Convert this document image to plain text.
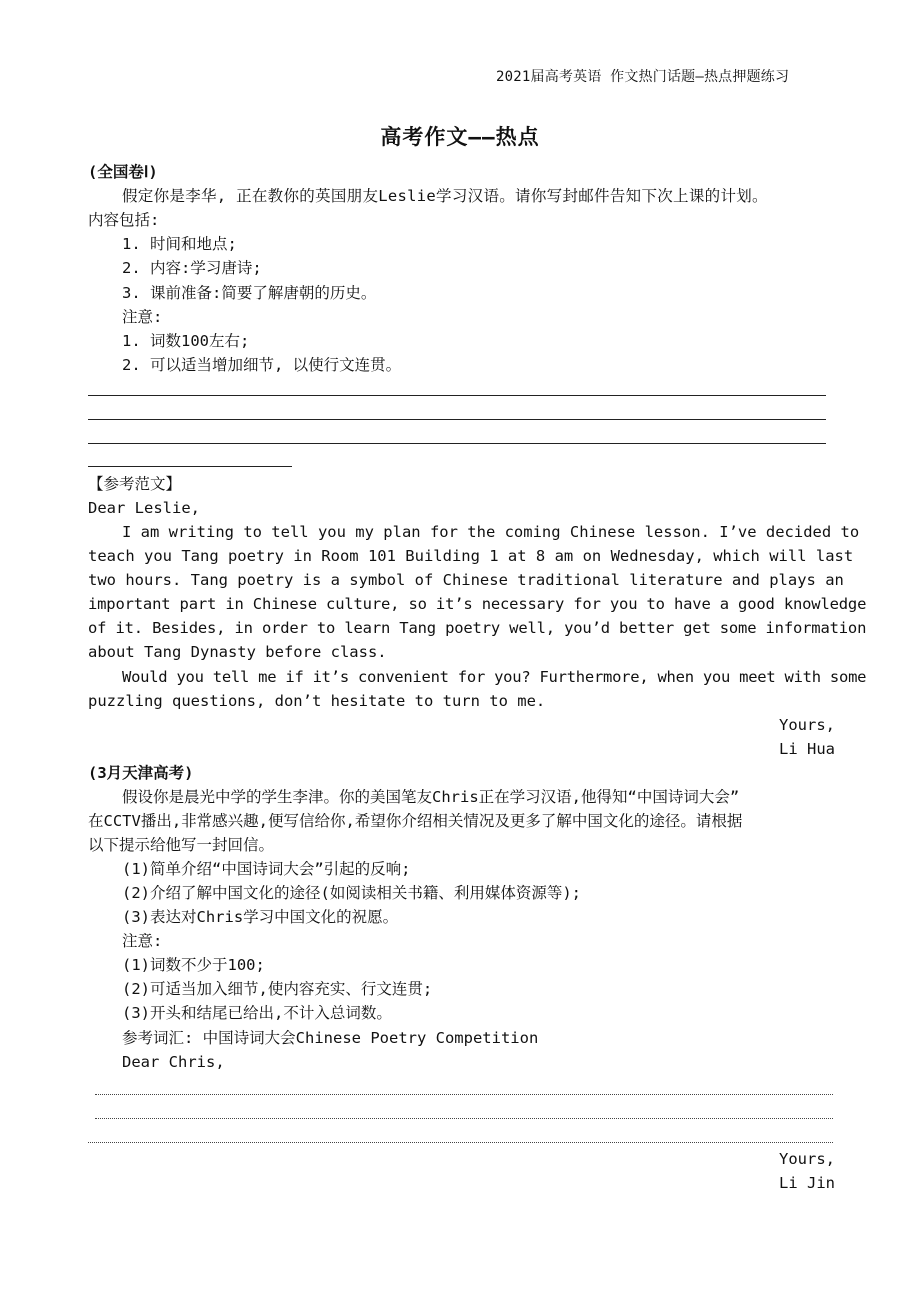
2021届高考英语 作文热门话题—热点押题练习
高考作文——热点
(全国卷Ⅰ)
假定你是李华, 正在教你的英国朋友Leslie学习汉语。请你写封邮件告知下次上课的计划。
内容包括:
1. 时间和地点;
2. 内容:学习唐诗;
3. 课前准备:简要了解唐朝的历史。
注意:
1. 词数100左右;
2. 可以适当增加细节, 以使行文连贯。
【参考范文】
Dear Leslie,
I am writing to tell you my plan for the coming Chinese lesson. I’ve decided to
teach you Tang poetry in Room 101 Building 1 at 8 am on Wednesday, which will last
two hours. Tang poetry is a symbol of Chinese traditional literature and plays an
important part in Chinese culture, so it’s necessary for you to have a good knowledge
of it. Besides, in order to learn Tang poetry well, you’d better get some information
about Tang Dynasty before class.
Would you tell me if it’s convenient for you? Furthermore, when you meet with some
puzzling questions, don’t hesitate to turn to me.
Yours,
Li Hua
(3月天津高考)
假设你是晨光中学的学生李津。你的美国笔友Chris正在学习汉语,他得知“中国诗词大会”
在CCTV播出,非常感兴趣,便写信给你,希望你介绍相关情况及更多了解中国文化的途径。请根据
以下提示给他写一封回信。
(1)简单介绍“中国诗词大会”引起的反响;
(2)介绍了解中国文化的途径(如阅读相关书籍、利用媒体资源等);
(3)表达对Chris学习中国文化的祝愿。
注意:
(1)词数不少于100;
(2)可适当加入细节,使内容充实、行文连贯;
(3)开头和结尾已给出,不计入总词数。
参考词汇: 中国诗词大会Chinese Poetry Competition
Dear Chris,
Yours,
Li Jin
